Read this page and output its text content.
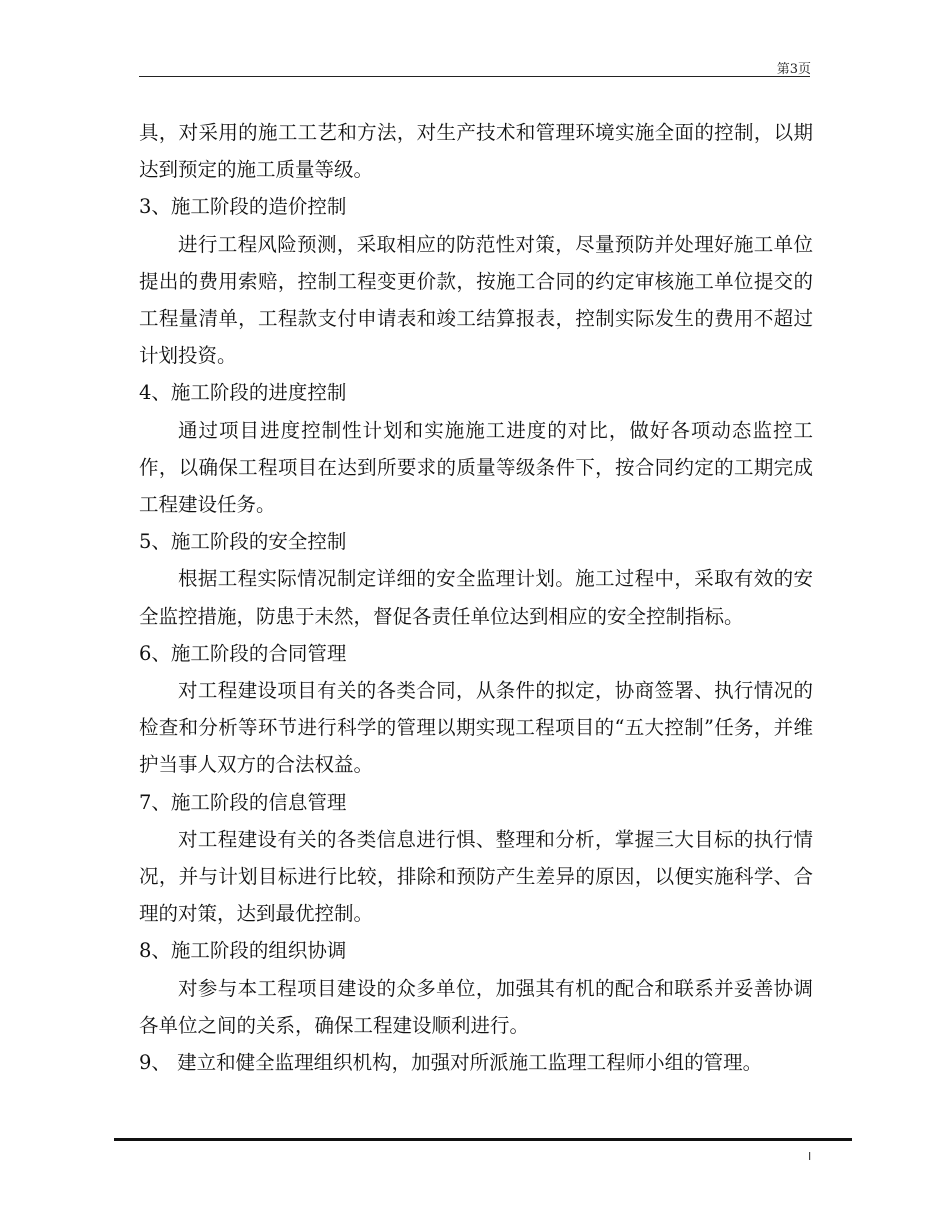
第3页

具，对采用的施工工艺和方法，对生产技术和管理环境实施全面的控制，以期达到预定的施工质量等级。

3、施工阶段的造价控制

进行工程风险预测，采取相应的防范性对策，尽量预防并处理好施工单位提出的费用索赔，控制工程变更价款，按施工合同的约定审核施工单位提交的工程量清单，工程款支付申请表和竣工结算报表，控制实际发生的费用不超过计划投资。

4、施工阶段的进度控制

通过项目进度控制性计划和实施施工进度的对比，做好各项动态监控工作，以确保工程项目在达到所要求的质量等级条件下，按合同约定的工期完成工程建设任务。

5、施工阶段的安全控制

根据工程实际情况制定详细的安全监理计划。施工过程中，采取有效的安全监控措施，防患于未然，督促各责任单位达到相应的安全控制指标。

6、施工阶段的合同管理

对工程建设项目有关的各类合同，从条件的拟定，协商签署、执行情况的检查和分析等环节进行科学的管理以期实现工程项目的“五大控制”任务，并维护当事人双方的合法权益。

7、施工阶段的信息管理

对工程建设有关的各类信息进行惧、整理和分析，掌握三大目标的执行情况，并与计划目标进行比较，排除和预防产生差异的原因，以便实施科学、合理的对策，达到最优控制。

8、施工阶段的组织协调

对参与本工程项目建设的众多单位，加强其有机的配合和联系并妥善协调各单位之间的关系，确保工程建设顺利进行。

9、 建立和健全监理组织机构，加强对所派施工监理工程师小组的管理。

I
